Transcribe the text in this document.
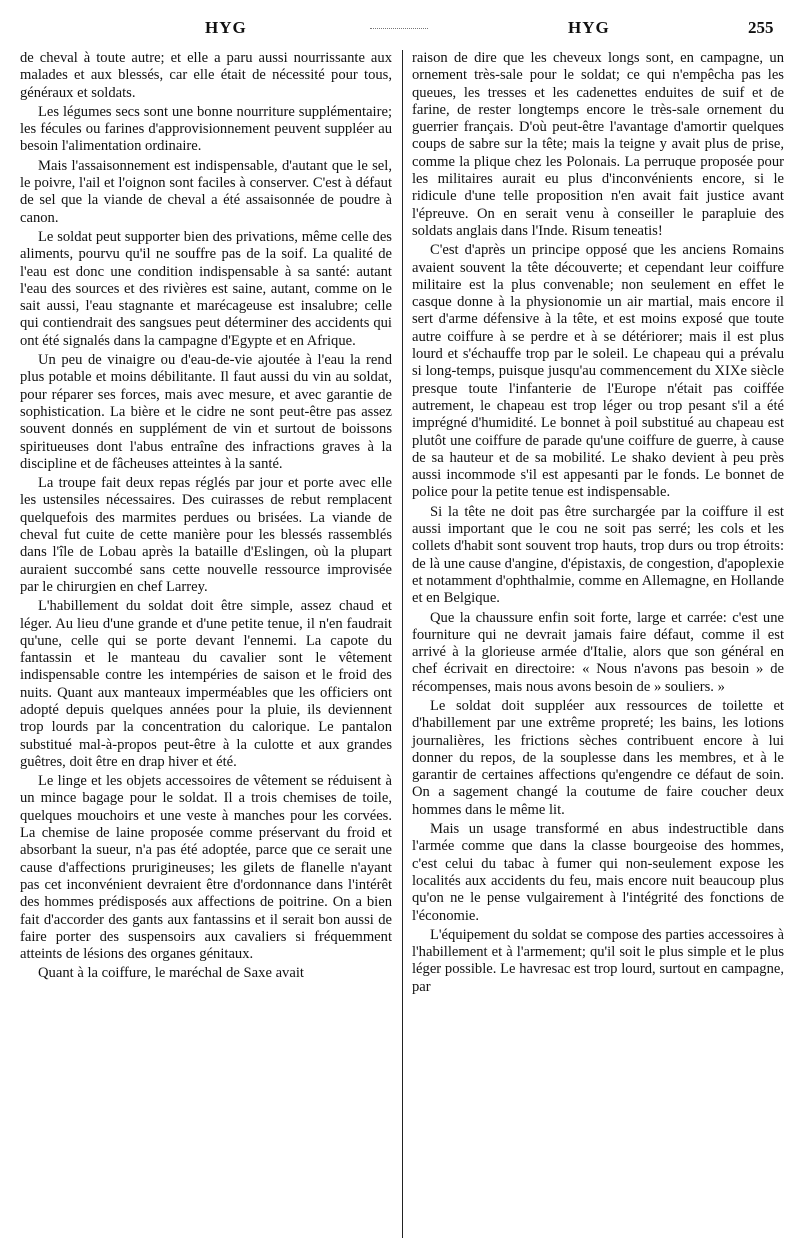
HYG	HYG	255

de cheval à toute autre; et elle a paru aussi nourrissante aux malades et aux blessés, car elle était de nécessité pour tous, généraux et soldats.

Les légumes secs sont une bonne nourriture supplémentaire; les fécules ou farines d'approvisionnement peuvent suppléer au besoin l'alimentation ordinaire.

Mais l'assaisonnement est indispensable, d'autant que le sel, le poivre, l'ail et l'oignon sont faciles à conserver. C'est à défaut de sel que la viande de cheval a été assaisonnée de poudre à canon.

Le soldat peut supporter bien des privations, même celle des aliments, pourvu qu'il ne souffre pas de la soif. La qualité de l'eau est donc une condition indispensable à sa santé: autant l'eau des sources et des rivières est saine, autant, comme on le sait aussi, l'eau stagnante et marécageuse est insalubre; celle qui contiendrait des sangsues peut déterminer des accidents qui ont été signalés dans la campagne d'Egypte et en Afrique.

Un peu de vinaigre ou d'eau-de-vie ajoutée à l'eau la rend plus potable et moins débilitante. Il faut aussi du vin au soldat, pour réparer ses forces, mais avec mesure, et avec garantie de sophistication. La bière et le cidre ne sont peut-être pas assez souvent donnés en supplément de vin et surtout de boissons spiritueuses dont l'abus entraîne des infractions graves à la discipline et de fâcheuses atteintes à la santé.

La troupe fait deux repas réglés par jour et porte avec elle les ustensiles nécessaires. Des cuirasses de rebut remplacent quelquefois des marmites perdues ou brisées. La viande de cheval fut cuite de cette manière pour les blessés rassemblés dans l'île de Lobau après la bataille d'Eslingen, où la plupart auraient succombé sans cette nouvelle ressource improvisée par le chirurgien en chef Larrey.

L'habillement du soldat doit être simple, assez chaud et léger. Au lieu d'une grande et d'une petite tenue, il n'en faudrait qu'une, celle qui se porte devant l'ennemi. La capote du fantassin et le manteau du cavalier sont le vêtement indispensable contre les intempéries de saison et le froid des nuits. Quant aux manteaux imperméables que les officiers ont adopté depuis quelques années pour la pluie, ils deviennent trop lourds par la concentration du calorique. Le pantalon substitué mal-à-propos peut-être à la culotte et aux grandes guêtres, doit être en drap hiver et été.

Le linge et les objets accessoires de vêtement se réduisent à un mince bagage pour le soldat. Il a trois chemises de toile, quelques mouchoirs et une veste à manches pour les corvées. La chemise de laine proposée comme préservant du froid et absorbant la sueur, n'a pas été adoptée, parce que ce serait une cause d'affections prurigineuses; les gilets de flanelle n'ayant pas cet inconvénient devraient être d'ordonnance dans l'intérêt des hommes prédisposés aux affections de poitrine. On a bien fait d'accorder des gants aux fantassins et il serait bon aussi de faire porter des suspensoirs aux cavaliers si fréquemment atteints de lésions des organes génitaux.

Quant à la coiffure, le maréchal de Saxe avait

raison de dire que les cheveux longs sont, en campagne, un ornement très-sale pour le soldat; ce qui n'empêcha pas les queues, les tresses et les cadenettes enduites de suif et de farine, de rester longtemps encore le très-sale ornement du guerrier français. D'où peut-être l'avantage d'amortir quelques coups de sabre sur la tête; mais la teigne y avait plus de prise, comme la plique chez les Polonais. La perruque proposée pour les militaires aurait eu plus d'inconvénients encore, si le ridicule d'une telle proposition n'en avait fait justice avant l'épreuve. On en serait venu à conseiller le parapluie des soldats anglais dans l'Inde. Risum teneatis!

C'est d'après un principe opposé que les anciens Romains avaient souvent la tête découverte; et cependant leur coiffure militaire est la plus convenable; non seulement en effet le casque donne à la physionomie un air martial, mais encore il sert d'arme défensive à la tête, et est moins exposé que toute autre coiffure à se perdre et à se détériorer; mais il est plus lourd et s'échauffe trop par le soleil. Le chapeau qui a prévalu si long-temps, puisque jusqu'au commencement du XIXe siècle presque toute l'infanterie de l'Europe n'était pas coiffée autrement, le chapeau est trop léger ou trop pesant s'il a été imprégné d'humidité. Le bonnet à poil substitué au chapeau est plutôt une coiffure de parade qu'une coiffure de guerre, à cause de sa hauteur et de sa mobilité. Le shako devient à peu près aussi incommode s'il est appesanti par le fonds. Le bonnet de police pour la petite tenue est indispensable.

Si la tête ne doit pas être surchargée par la coiffure il est aussi important que le cou ne soit pas serré; les cols et les collets d'habit sont souvent trop hauts, trop durs ou trop étroits: de là une cause d'angine, d'épistaxis, de congestion, d'apoplexie et notamment d'ophthalmie, comme en Allemagne, en Hollande et en Belgique.

Que la chaussure enfin soit forte, large et carrée: c'est une fourniture qui ne devrait jamais faire défaut, comme il est arrivé à la glorieuse armée d'Italie, alors que son général en chef écrivait en directoire: « Nous n'avons pas besoin » de récompenses, mais nous avons besoin de » souliers. »

Le soldat doit suppléer aux ressources de toilette et d'habillement par une extrême propreté; les bains, les lotions journalières, les frictions sèches contribuent encore à lui donner du repos, de la souplesse dans les membres, et à le garantir de certaines affections qu'engendre ce défaut de soin. On a sagement changé la coutume de faire coucher deux hommes dans le même lit.

Mais un usage transformé en abus indestructible dans l'armée comme que dans la classe bourgeoise des hommes, c'est celui du tabac à fumer qui non-seulement expose les localités aux accidents du feu, mais encore nuit beaucoup plus qu'on ne le pense vulgairement à l'intégrité des fonctions de l'économie.

L'équipement du soldat se compose des parties accessoires à l'habillement et à l'armement; qu'il soit le plus simple et le plus léger possible. Le havresac est trop lourd, surtout en campagne, par
